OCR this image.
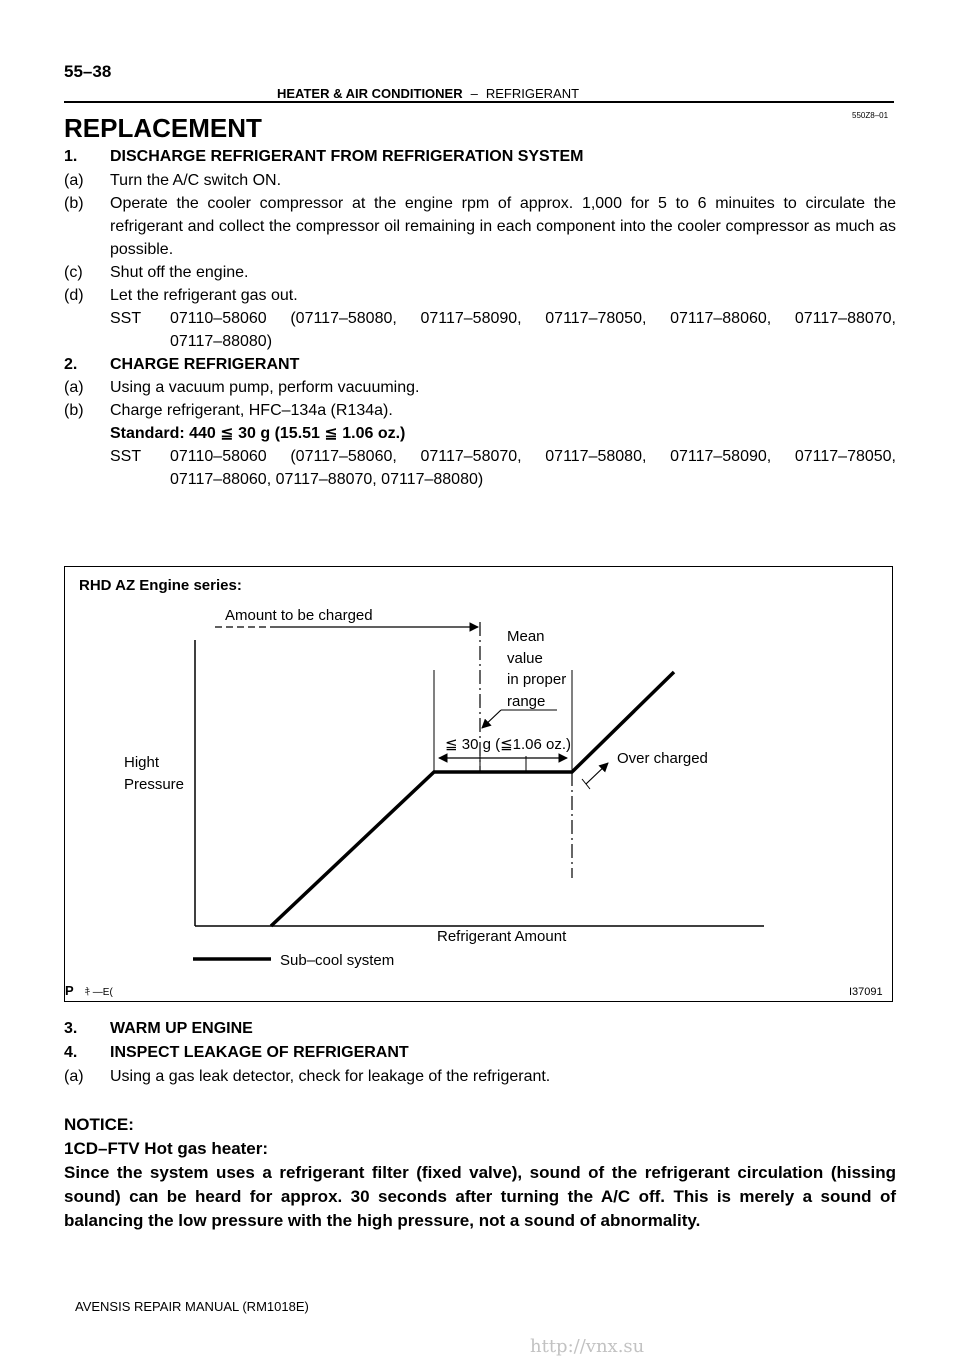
55–38
HEATER & AIR CONDITIONER – REFRIGERANT
550Z8–01
REPLACEMENT
1. DISCHARGE REFRIGERANT FROM REFRIGERATION SYSTEM
(a) Turn the A/C switch ON.
(b) Operate the cooler compressor at the engine rpm of approx. 1,000 for 5 to 6 minuites to circulate the refrigerant and collect the compressor oil remaining in each component into the cooler compressor as much as possible.
(c) Shut off the engine.
(d) Let the refrigerant gas out.
SST 07110–58060 (07117–58080, 07117–58090, 07117–78050, 07117–88060, 07117–88070,
07117–88080)
2. CHARGE REFRIGERANT
(a) Using a vacuum pump, perform vacuuming.
(b) Charge refrigerant, HFC–134a (R134a).
Standard: 440 ≦ 30 g (15.51 ≦ 1.06 oz.)
SST 07110–58060 (07117–58060, 07117–58070, 07117–58080, 07117–58090, 07117–78050,
07117–88060, 07117–88070, 07117–88080)
RHD AZ Engine series:
Amount to be charged
Mean
value
in proper
range
≦ 30 g (≦1.06 oz.)
Over charged
Hight
Pressure
Refrigerant Amount
Sub–cool system
P ｷ ―E(	I37091
3. WARM UP ENGINE
4. INSPECT LEAKAGE OF REFRIGERANT
(a) Using a gas leak detector, check for leakage of the refrigerant.
NOTICE:
1CD–FTV Hot gas heater:
Since the system uses a refrigerant filter (fixed valve), sound of the refrigerant circulation (hissing sound) can be heard for approx. 30 seconds after turning the A/C off. This is merely a sound of balancing the low pressure with the high pressure, not a sound of abnormality.
AVENSIS REPAIR MANUAL (RM1018E)
http://vnx.su
